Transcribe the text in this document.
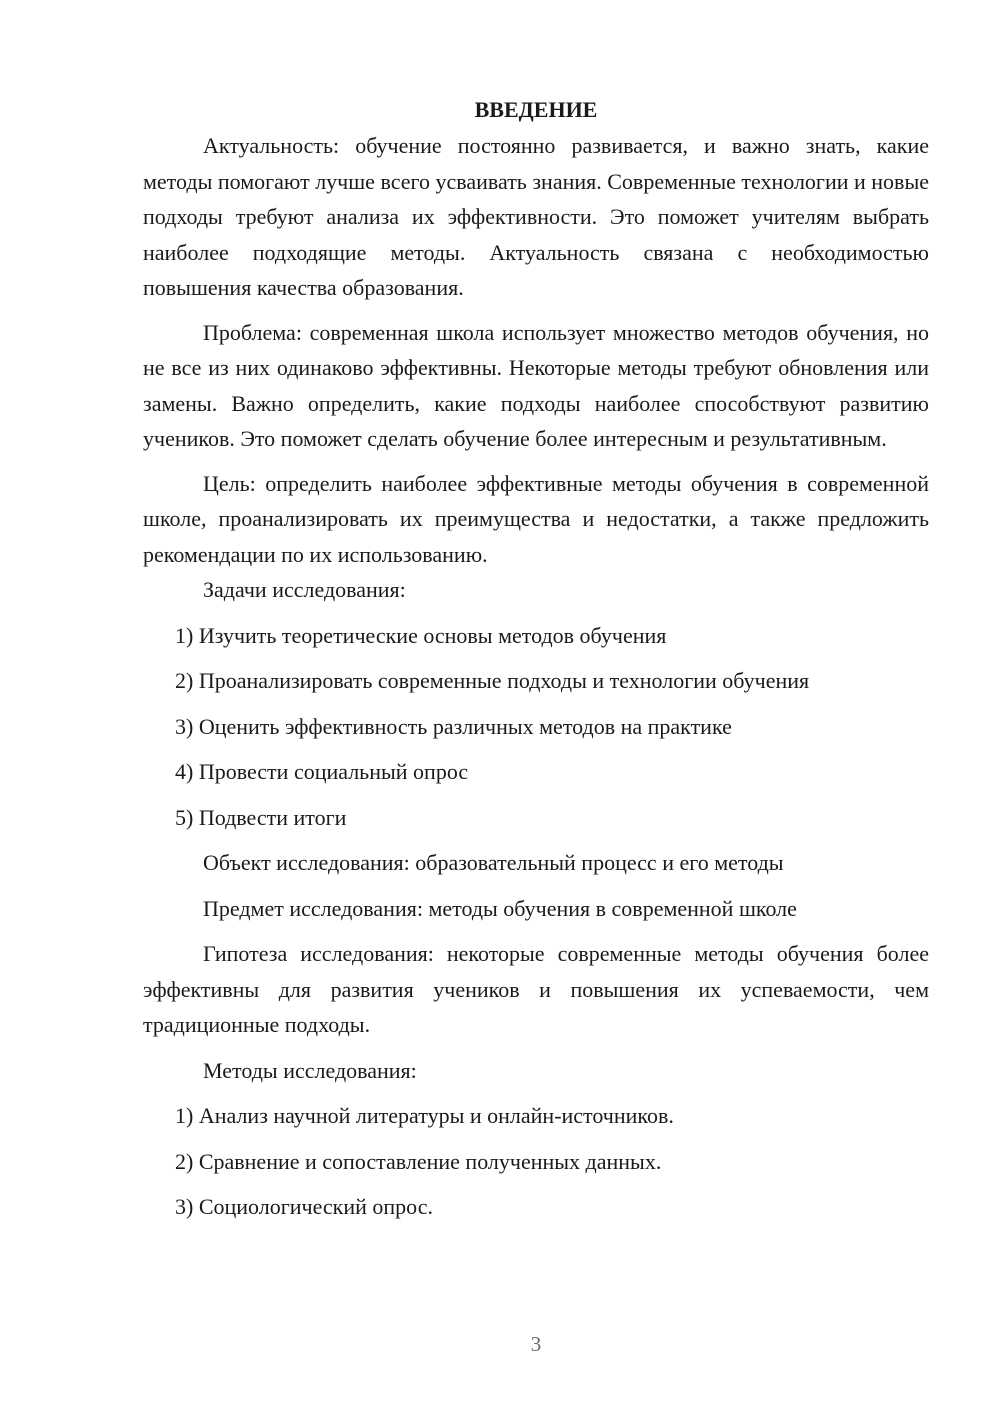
ВВЕДЕНИЕ

Актуальность: обучение постоянно развивается, и важно знать, какие методы помогают лучше всего усваивать знания. Современные технологии и новые подходы требуют анализа их эффективности. Это поможет учителям выбрать наиболее подходящие методы. Актуальность связана с необходимостью повышения качества образования.

Проблема: современная школа использует множество методов обучения, но не все из них одинаково эффективны. Некоторые методы требуют обновления или замены. Важно определить, какие подходы наиболее способствуют развитию учеников. Это поможет сделать обучение более интересным и результативным.

Цель: определить наиболее эффективные методы обучения в современной школе, проанализировать их преимущества и недостатки, а также предложить рекомендации по их использованию.

Задачи исследования:

1) Изучить теоретические основы методов обучения

2) Проанализировать современные подходы и технологии обучения

3) Оценить эффективность различных методов на практике

4) Провести социальный опрос

5) Подвести итоги

Объект исследования: образовательный процесс и его методы

Предмет исследования: методы обучения в современной школе

Гипотеза исследования: некоторые современные методы обучения более эффективны для развития учеников и повышения их успеваемости, чем традиционные подходы.

Методы исследования:

1) Анализ научной литературы и онлайн-источников.

2) Сравнение и сопоставление полученных данных.

3) Социологический опрос.

3
